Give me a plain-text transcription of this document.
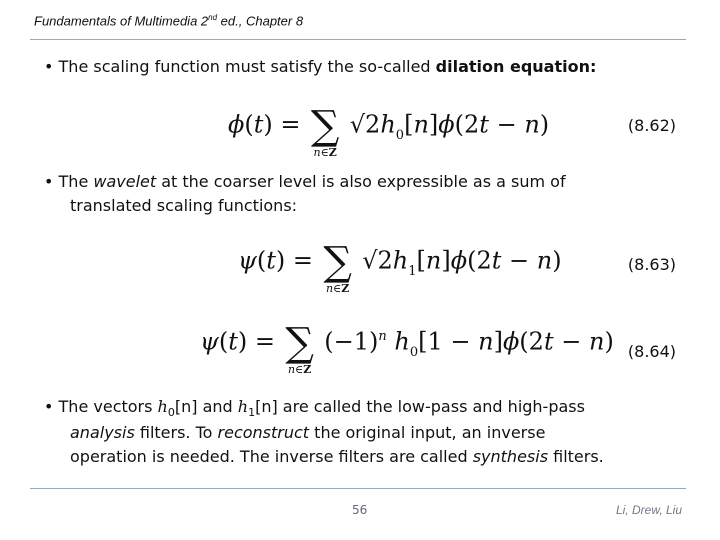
Fundamentals of Multimedia 2nd ed., Chapter 8
• The scaling function must satisfy the so-called dilation equation:
ϕ(t) = ∑
n∈Z
$√2h_0[n]\phi(2t - n)$	(8.62)
• The wavelet at the coarser level is also expressible as a sum of
translated scaling functions:
ψ(t) = ∑
n∈Z
$√2h_1[n]\phi(2t - n)$	(8.63)
ψ(t) = ∑
n∈Z
$(-1)^n$ $h_0[1 - n]\phi(2t - n)$ (8.64)
• The vectors $h_0[n]$ and $h_1[n]$ are called the low-pass and high-pass
analysis filters. To reconstruct the original input, an inverse
operation is needed. The inverse filters are called synthesis filters.
56	Li, Drew, Liu
